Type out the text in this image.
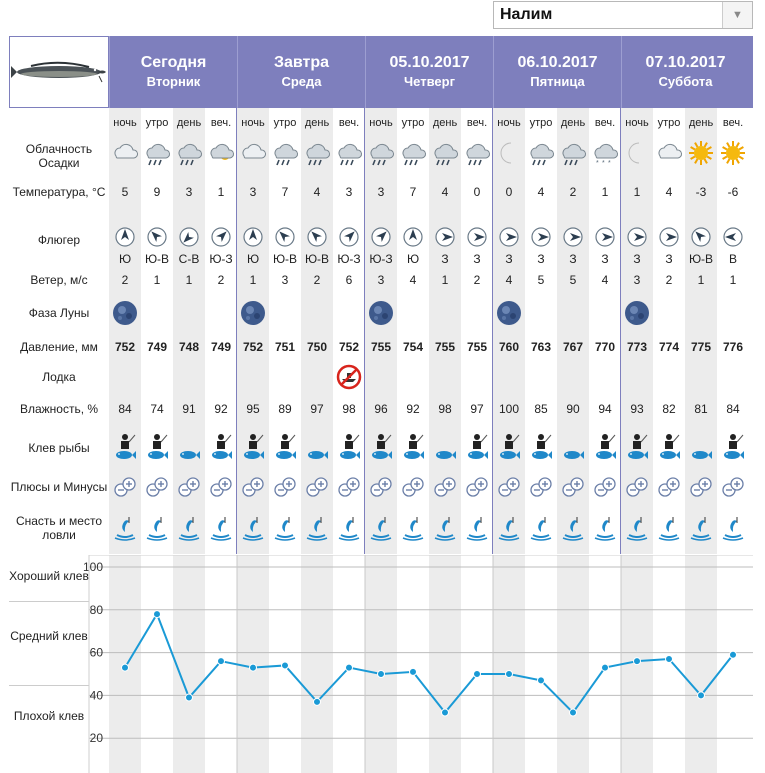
Налим	▼
Сегодня
Вторник
Завтра
Среда
05.10.2017
Четверг
06.10.2017
Пятница
07.10.2017
Суббота
Облачность Осадки
Температура, °С
Флюгер
Ветер, м/с
Фаза Луны
Давление, мм
Лодка
Влажность, %
Клев рыбы
Плюсы и Минусы
Снасть и место ловли
ночь
5
Ю
2
752
84
утро
9
Ю-В
1
749
74
день
3
С-В
1
748
91
веч.
1
Ю-З
2
749
92
ночь
3
Ю
1
752
95
утро
7
Ю-В
3
751
89
день
4
Ю-В
2
750
97
веч.
3
Ю-З
6
752
98
ночь
3
Ю-З
3
755
96
утро
7
Ю
4
754
92
день
4
З
1
755
98
веч.
0
З
2
755
97
ночь
0
З
4
760
100
утро
4
З
5
763
85
день
2
З
5
767
90
веч.
* * *
1
З
4
770
94
ночь
1
З
3
773
93
утро
4
З
2
774
82
день
-3
Ю-В
1
775
81
веч.
-6
В
1
776
84
Хороший клев
Средний клев
Плохой клев
100
80
60
40
20
